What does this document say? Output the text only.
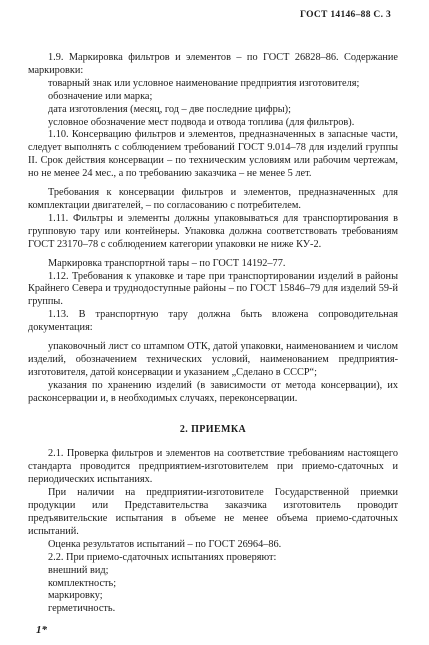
ГОСТ 14146–88 С. 3

1.9. Маркировка фильтров и элементов – по ГОСТ 26828–86. Содержание маркировки:

товарный знак или условное наименование предприятия изготовителя;

обозначение или марка;

дата изготовления (месяц, год – две последние цифры);

условное обозначение мест подвода и отвода топлива (для фильтров).

1.10. Консервацию фильтров и элементов, предназначенных в запасные части, следует выполнять с соблюдением требований ГОСТ 9.014–78 для изделий группы II. Срок действия консервации – по техническим условиям или рабочим чертежам, но не менее 24 мес., а по требованию заказчика – не менее 5 лет.

Требования к консервации фильтров и элементов, предназначенных для комплектации двигателей, – по согласованию с потребителем.

1.11. Фильтры и элементы должны упаковываться для транспортирования в групповую тару или контейнеры. Упаковка должна соответствовать требованиям ГОСТ 23170–78 с соблюдением категории упаковки не ниже КУ-2.

Маркировка транспортной тары – по ГОСТ 14192–77.

1.12. Требования к упаковке и таре при транспортировании изделий в районы Крайнего Севера и труднодоступные районы – по ГОСТ 15846–79 для изделий 59-й группы.

1.13. В транспортную тару должна быть вложена сопроводительная документация:

упаковочный лист со штампом ОТК, датой упаковки, наименованием и числом изделий, обозначением технических условий, наименованием предприятия-изготовителя, датой консервации и указанием „Сделано в СССР“;

указания по хранению изделий (в зависимости от метода консервации), их расконсервации и, в необходимых случаях, переконсервации.

2. ПРИЕМКА

2.1. Проверка фильтров и элементов на соответствие требованиям настоящего стандарта проводится предприятием-изготовителем при приемо-сдаточных и периодических испытаниях.

При наличии на предприятии-изготовителе Государственной приемки продукции или Представительства заказчика изготовитель проводит предъявительские испытания в объеме не менее объема приемо-сдаточных испытаний.

Оценка результатов испытаний – по ГОСТ 26964–86.

2.2. При приемо-сдаточных испытаниях проверяют:

внешний вид;

комплектность;

маркировку;

герметичность.

1*
